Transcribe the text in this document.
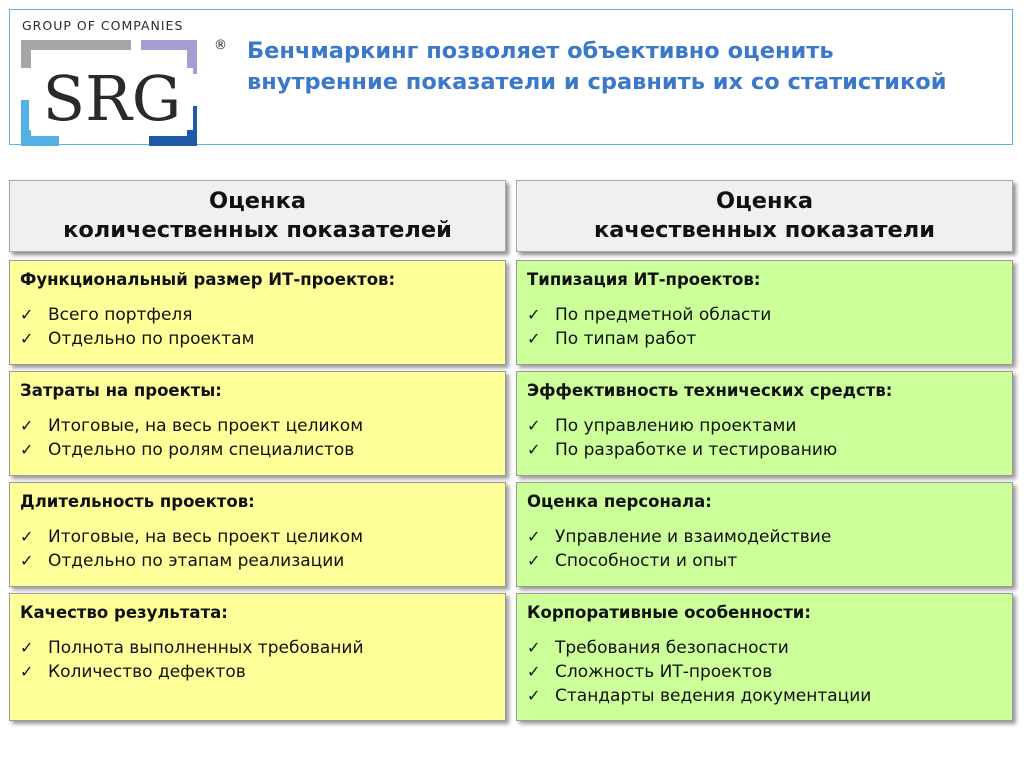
GROUP OF COMPANIES
®
SRG
Бенчмаркинг позволяет объективно оценить внутренние показатели и сравнить их со статистикой
Оценка
количественных показателей
Оценка
качественных показатели
Функциональный размер ИТ-проектов:
✓ Всего портфеля
✓ Отдельно по проектам
Затраты на проекты:
✓ Итоговые, на весь проект целиком
✓ Отдельно по ролям специалистов
Длительность проектов:
✓ Итоговые, на весь проект целиком
✓ Отдельно по этапам реализации
Качество результата:
✓ Полнота выполненных требований
✓ Количество дефектов
Типизация ИТ-проектов:
✓ По предметной области
✓ По типам работ
Эффективность технических средств:
✓ По управлению проектами
✓ По разработке и тестированию
Оценка персонала:
✓ Управление и взаимодействие
✓ Способности и опыт
Корпоративные особенности:
✓ Требования безопасности
✓ Сложность ИТ-проектов
✓ Стандарты ведения документации
